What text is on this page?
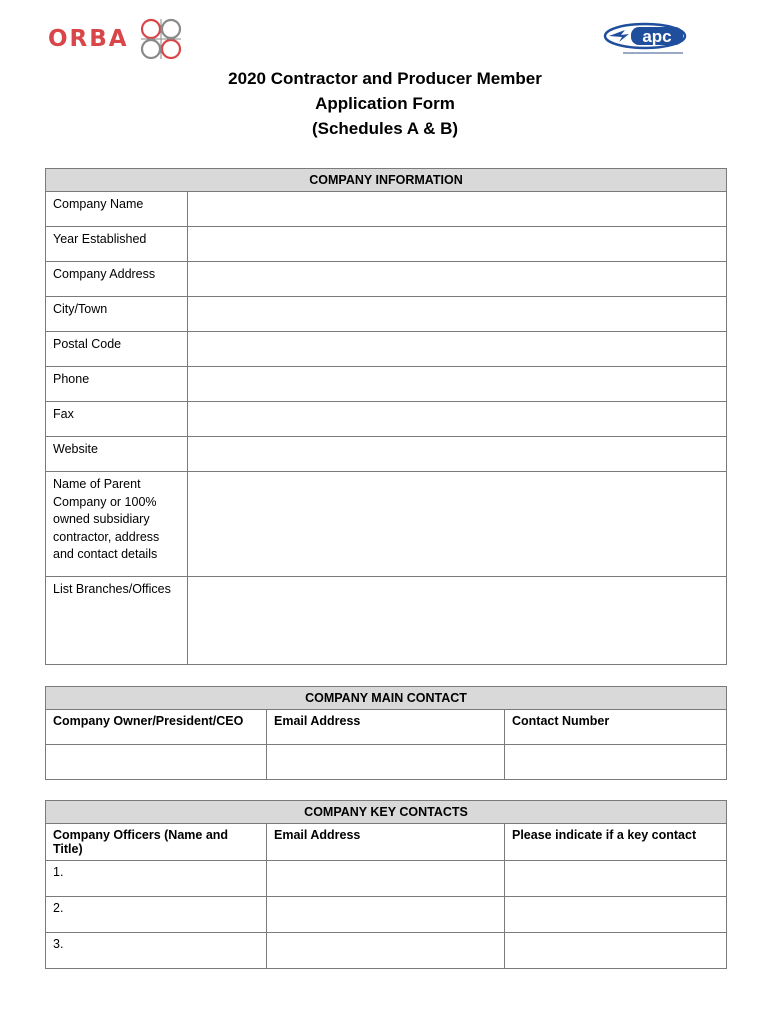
ORBA	apc
2020 Contractor and Producer Member
Application Form
(Schedules A & B)
COMPANY INFORMATION	
Company Name	
Year Established	
Company Address	
City/Town	
Postal Code	
Phone	
Fax	
Website	
Name of Parent Company or 100% owned subsidiary contractor, address and contact details	
List Branches/Offices	
COMPANY MAIN CONTACT		
Company Owner/President/CEO	Email Address	Contact Number

COMPANY KEY CONTACTS		
Company Officers (Name and Title)	Email Address	Please indicate if a key contact
1.		
2.		
3.		
